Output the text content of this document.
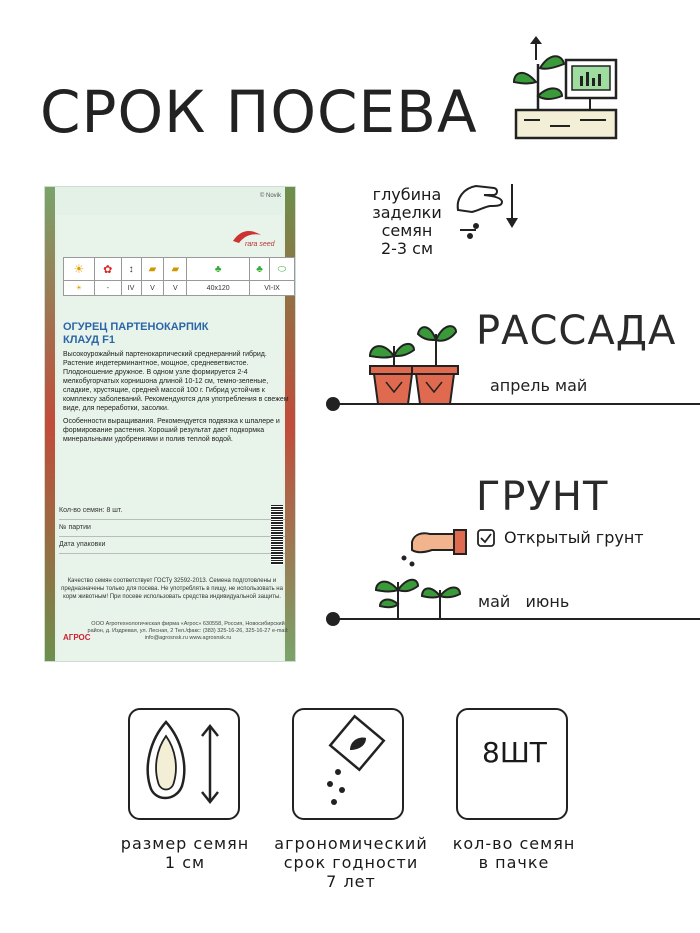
СРОК ПОСЕВА
© Novik
rara seed
☀	✿	↕	▰	▰	♣	♣	⬭
☀	-	IV	V	V	40x120	VI-IX	
ОГУРЕЦ ПАРТЕНОКАРПИК
КЛАУД F1
Высокоурожайный партенокарпический среднеранний гибрид. Растение индетерминантное, мощное, средневетвистое. Плодоношение дружное. В одном узле формируется 2-4 мелкобугорчатых корнишона длиной 10-12 см, темно-зеленые, сладкие, хрустящие, средней массой 100 г. Гибрид устойчив к комплексу заболеваний. Рекомендуются для употребления в свежем виде, для переработки, засолки.
Особенности выращивания. Рекомендуется подвязка к шпалере и формирование растения. Хороший результат дает подкормка минеральными удобрениями и полив теплой водой.
Кол-во семян: 8 шт.
№ партии
Дата упаковки
Качество семян соответствует ГОСТу 32592-2013. Семена подготовлены и предназначены только для посева. Не употреблять в пищу, не использовать на корм животным! При посеве использовать средства индивидуальной защиты.
ООО Агротехнологическая фирма «Агрос» 630558, Россия, Новосибирский район, д. Издревая, ул. Лесная, 2 Тел./факс: (383) 325-16-26, 325-16-27 e-mail: info@agrosnsk.ru www.agrosnsk.ru
АГРОС
глубина
заделки
семян
2-3 см
РАССАДА
апрель май
ГРУНТ
Открытый грунт
май   июнь
8ШТ
размер семян
1 см
агрономический
срок годности
7 лет
кол-во семян
в пачке
